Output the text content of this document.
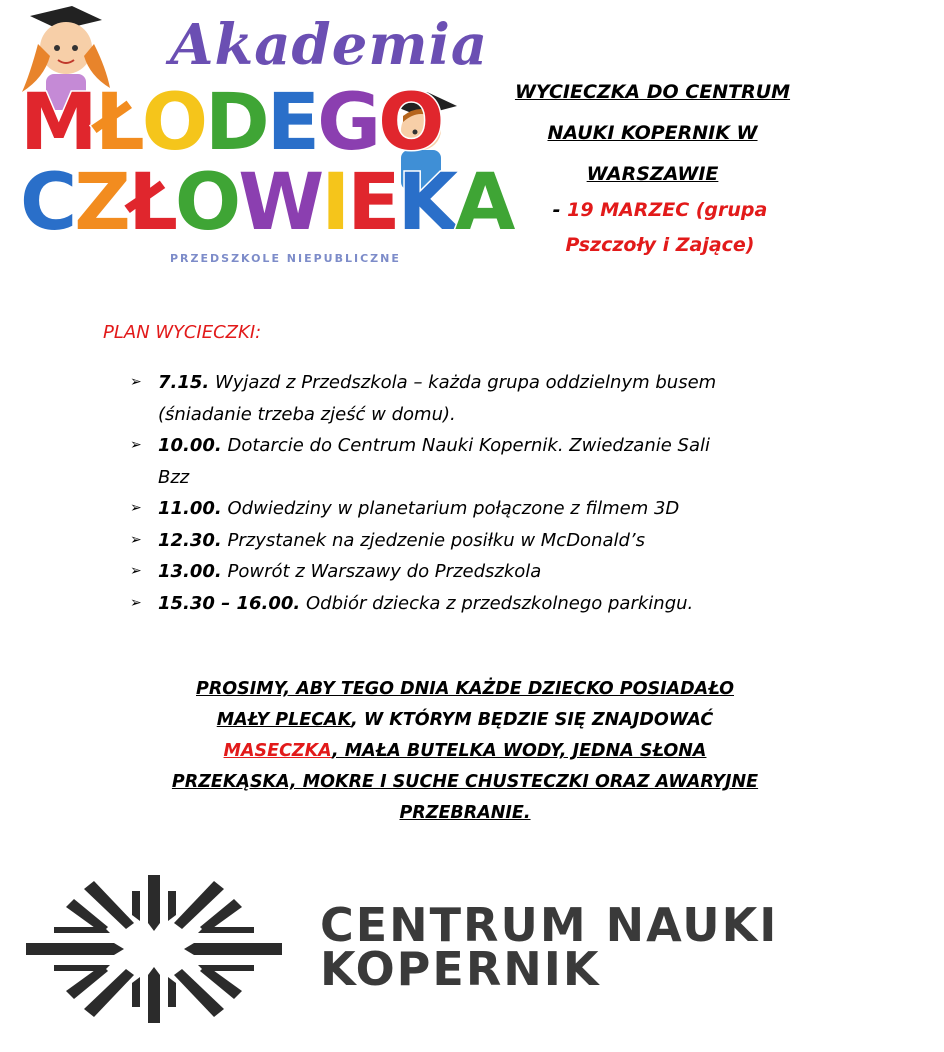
Akademia
M Ł O D E G O
C Z Ł O W I E K A
PRZEDSZKOLE NIEPUBLICZNE
WYCIECZKA DO CENTRUM
NAUKI KOPERNIK W
WARSZAWIE
- 19 MARZEC (grupa
Pszczoły i Zające)
PLAN WYCIECZKI:
➢ 7.15. Wyjazd z Przedszkola – każda grupa oddzielnym busem
(śniadanie trzeba zjeść w domu).
➢ 10.00. Dotarcie do Centrum Nauki Kopernik. Zwiedzanie Sali
Bzz
➢ 11.00. Odwiedziny w planetarium połączone z filmem 3D
➢ 12.30. Przystanek na zjedzenie posiłku w McDonald’s
➢ 13.00. Powrót z Warszawy do Przedszkola
➢ 15.30 – 16.00. Odbiór dziecka z przedszkolnego parkingu.
PROSIMY, ABY TEGO DNIA KAŻDE DZIECKO POSIADAŁO
MAŁY PLECAK, W KTÓRYM BĘDZIE SIĘ ZNAJDOWAĆ
MASECZKA, MAŁA BUTELKA WODY, JEDNA SŁONA
PRZEKĄSKA, MOKRE I SUCHE CHUSTECZKI ORAZ AWARYJNE
PRZEBRANIE.
CENTRUM NAUKI
KOPERNIK
